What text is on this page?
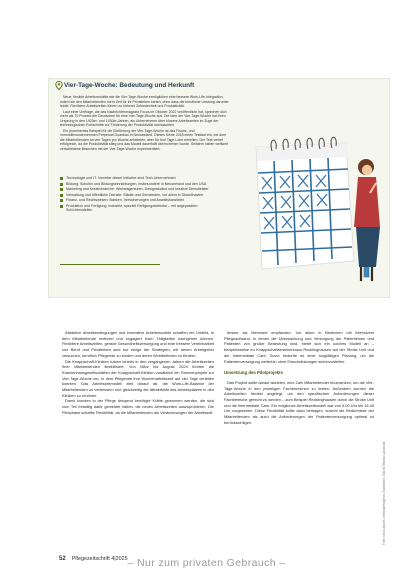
Vier-Tage-Woche: Bedeutung und Herkunft

Neue, flexible Arbeitsmodelle wie die Vier-Tage-Woche ermöglichen eine bessere Work-Life-Integration, indem sie den Mitarbeitenden mehr Zeit für ihr Privatleben bieten, ohne dass die berufliche Leistung darunter leidet. Flexiblere Arbeitszeiten führen zu höherer Zufriedenheit und Produktivität.

Laut einer Umfrage, die das Nachrichtenmagazin Focus im Oktober 2022 veröffentlicht hat, sprechen sich mehr als 70 Prozent der Deutschen für eine Vier-Tage-Woche aus. Die Idee der Vier-Tage-Woche hat ihren Ursprung in den 1920er- und 1930er-Jahren, als Unternehmen über kürzere Arbeitszeiten im Zuge der technologischen Fortschritte zur Förderung der Produktivität nachdachten.

Ein prominentes Beispiel für die Einführung der Vier-Tage-Woche ist das Finanz- und Immobilienunternehmen Perpetual Guardian in Neuseeland. Dieses führte 2018 einen Testlauf ein, bei dem die Mitarbeitenden an vier Tagen pro Woche arbeiteten, aber für fünf Tage Lohn erhielten. Der Test verlief erfolgreich, da die Produktivität stieg und das Modell dauerhaft übernommen wurde. Seitdem haben weltweit verschiedene Branchen mit der Vier-Tage-Woche experimentiert:

Technologie und IT: Vorreiter dieser Initiative sind Tech-Unternehmen
Bildung: Schulen und Bildungseinrichtungen, insbesondere in Neuseeland und den USA
Marketing und Kreativbranche: Werbeagenturen, Designstudios und kreative Dienstleister
Verwaltung und öffentliche Dienste: Städte und Gemeinden, vor allem in Skandinavien
Finanz- und Rechtswesen: Banken, Versicherungen und Anwaltskanzleien
Produktion und Fertigung: Industrie, speziell Fertigungsbetriebe – mit angepassten Schichtmodellen

Attraktive Arbeitsbedingungen und innovative Arbeitsmodelle schaffen ein Umfeld, in dem Mitarbeitende motiviert und engagiert ihren Tätigkeiten nachgehen können. Flexiblere Arbeitszeiten, gerade Gesundheitsversorgung und eine bessere Vereinbarkeit von Beruf und Privatleben sind nur einige der Strategien, mit denen Arbeitgeber versuchen, beruflich Pflegende zu binden und deren Wohlbefinden zu fördern.

Die Knappschaft-Kliniken haben bereits in den vergangenen Jahren die Arbeitszeiten ihrer Mitarbeitenden flexibilisiert. Von März bis August 2024 führten die Krankenhausgesellschaften der Knappschaft-Kliniken zusätzlich ein Rahmenprojekt zur Vier-Tage-Woche ein, in dem Pflegende ihre Wochenarbeitszeit auf vier Tage verteilen konnten. Das Arbeitszeitmodell zielt darauf ab, die Work-Life-Balance der Mitarbeitenden zu verbessern und gleichzeitig die Attraktivität des Arbeitsplatzes in den Kliniken zu erhöhen.

Damit konnten in der Pflege dringend benötigte Kräfte gewonnen werden, die sich zum Teil freiwillig dafür gemeldet hatten, die neuen Arbeitszeiten auszuprobieren. Die Pilotphase schaffte Flexibilität, da die Mitarbeitenden die Veränderungen der Arbeitszeit

besser als Mehrwert empfanden. Vor allem in Bereichen mit intensivem Pflegeaufwand, in denen die Überwachung und Versorgung der Patientinnen und Patienten von großer Bedeutung sind, bietet sich ein solches Modell an – beispielsweise im Knappschaftskrankenhaus Recklinghausen auf der Stroke Unit und der Intermediate Care. Zuvor bedurfte es einer sorgfältigen Planung, um die Patientenversorgung weiterhin ohne Einschränkungen sicherzustellen.

Umsetzung des Pilotprojekts

Das Projekt sollte darauf abzielen, eine Zahl Mitarbeitender einzusetzen, um die Vier-Tage-Woche in den jeweiligen Fachbereichen zu testen. Außerdem wurden die Arbeitszeiten flexibel angelegt, um den spezifischen Anforderungen dieser Fachbereiche gerecht zu werden – zum Beispiel Recklinghausen durch die Stroke Unit und die Intermediate Care. Ein mögliches Arbeitszeitmodell war von 6.00 Uhr bis 16.45 Uhr vorgesehen. Diese Flexibilität sollte dazu beitragen, sowohl die Bedürfnisse der Mitarbeitenden als auch die Anforderungen der Patientenversorgung optimal zu berücksichtigen.

Foto: stock.adobe.com/andrewgenn; Illustration: iStock/Tetiana Lazunova
52 Pflegezeitschrift 4|2025 – Nur zum privaten Gebrauch –
